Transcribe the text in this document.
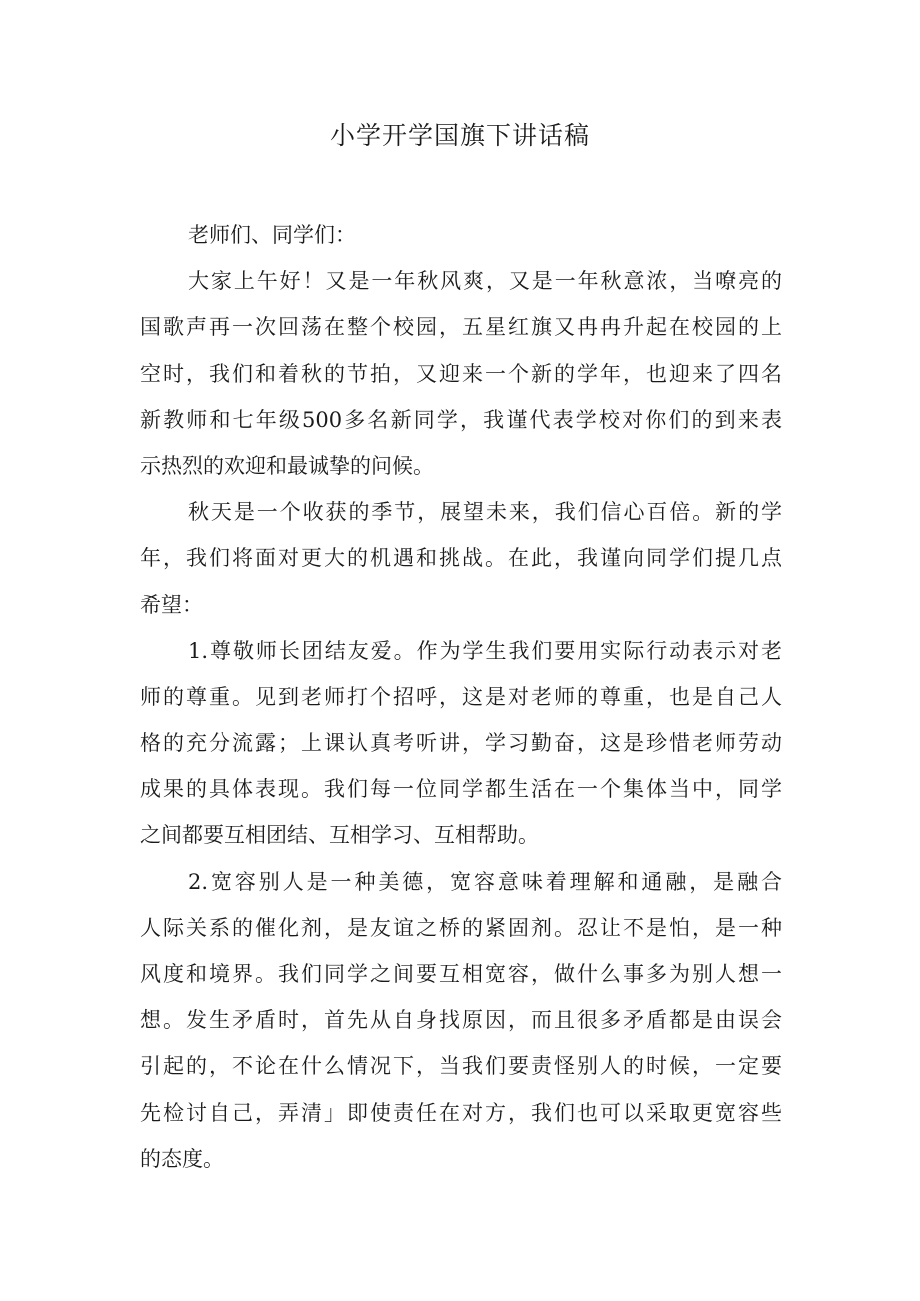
小学开学国旗下讲话稿
老师们、同学们：
大家上午好！又是一年秋风爽，又是一年秋意浓，当嘹亮的
国歌声再一次回荡在整个校园，五星红旗又冉冉升起在校园的上
空时，我们和着秋的节拍，又迎来一个新的学年，也迎来了四名
新教师和七年级500多名新同学，我谨代表学校对你们的到来表
示热烈的欢迎和最诚挚的问候。
秋天是一个收获的季节，展望未来，我们信心百倍。新的学
年，我们将面对更大的机遇和挑战。在此，我谨向同学们提几点
希望：
1.尊敬师长团结友爱。作为学生我们要用实际行动表示对老
师的尊重。见到老师打个招呼，这是对老师的尊重，也是自己人
格的充分流露；上课认真考听讲，学习勤奋，这是珍惜老师劳动
成果的具体表现。我们每一位同学都生活在一个集体当中，同学
之间都要互相团结、互相学习、互相帮助。
2.宽容别人是一种美德，宽容意味着理解和通融，是融合
人际关系的催化剂，是友谊之桥的紧固剂。忍让不是怕，是一种
风度和境界。我们同学之间要互相宽容，做什么事多为别人想一
想。发生矛盾时，首先从自身找原因，而且很多矛盾都是由误会
引起的，不论在什么情况下，当我们要责怪别人的时候，一定要
先检讨自己，弄清」即使责任在对方，我们也可以采取更宽容些
的态度。
